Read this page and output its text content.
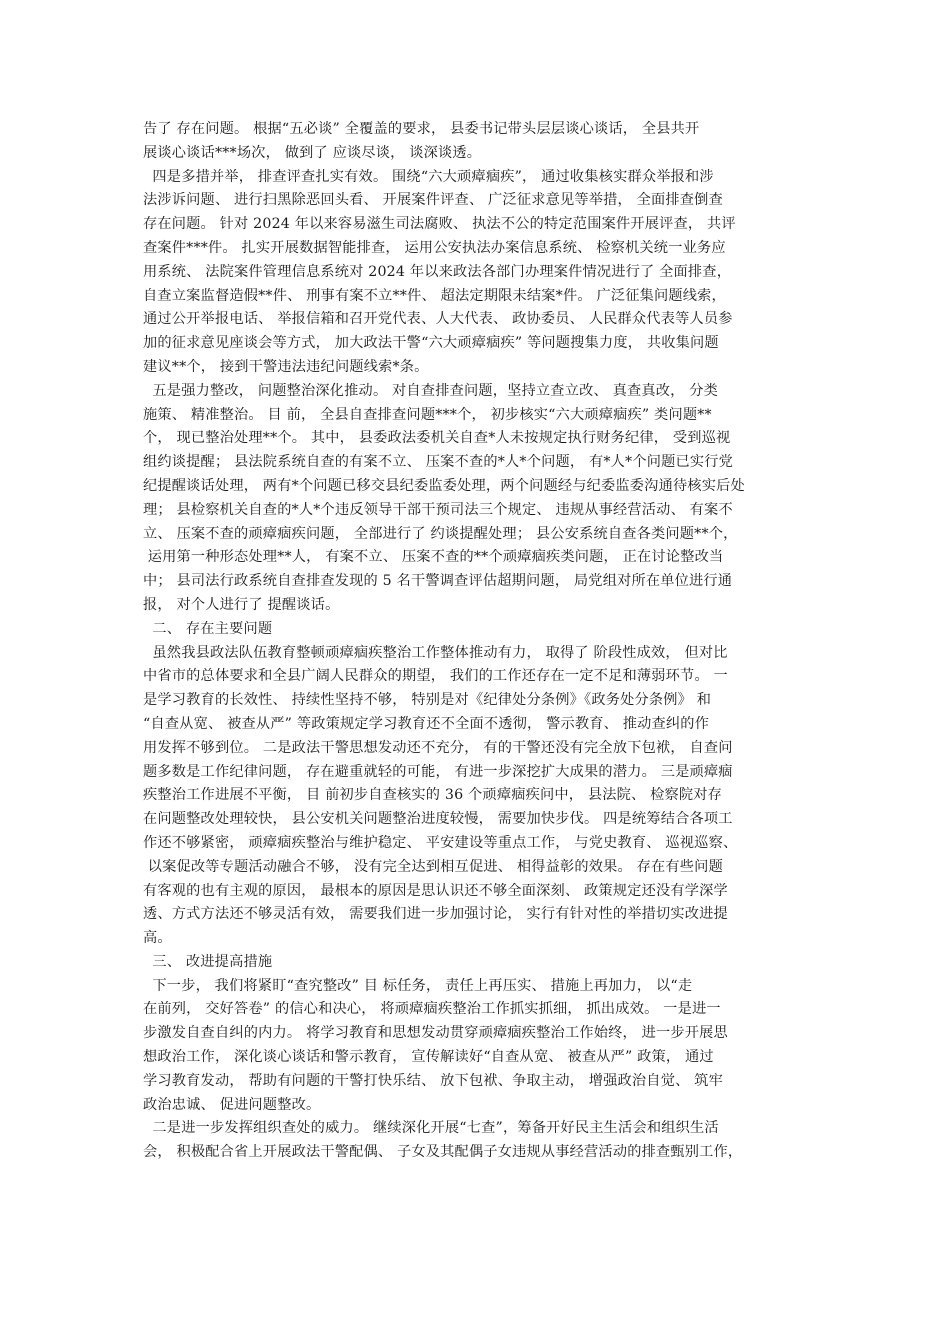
告了 存在问题。 根据“五必谈” 全覆盖的要求， 县委书记带头层层谈心谈话， 全县共开
展谈心谈话***场次， 做到了 应谈尽谈， 谈深谈透。
四是多措并举， 排查评查扎实有效。 围绕“六大顽瘴痼疾”， 通过收集核实群众举报和涉
法涉诉问题、 进行扫黑除恶回头看、 开展案件评查、 广泛征求意见等举措， 全面排查倒查
存在问题。 针对 2024 年以来容易滋生司法腐败、 执法不公的特定范围案件开展评查， 共评
查案件***件。 扎实开展数据智能排查， 运用公安执法办案信息系统、 检察机关统一业务应
用系统、 法院案件管理信息系统对 2024 年以来政法各部门办理案件情况进行了 全面排查，
自查立案监督造假**件、 刑事有案不立**件、 超法定期限未结案*件。 广泛征集问题线索，
通过公开举报电话、 举报信箱和召开党代表、人大代表、 政协委员、 人民群众代表等人员参
加的征求意见座谈会等方式， 加大政法干警“六大顽瘴痼疾” 等问题搜集力度， 共收集问题
建议**个， 接到干警违法违纪问题线索*条。
五是强力整改， 问题整治深化推动。 对自查排查问题，坚持立查立改、 真查真改， 分类
施策、 精准整治。 目 前， 全县自查排查问题***个， 初步核实“六大顽瘴痼疾” 类问题**
个， 现已整治处理**个。 其中， 县委政法委机关自查*人未按规定执行财务纪律， 受到巡视
组约谈提醒； 县法院系统自查的有案不立、 压案不查的*人*个问题， 有*人*个问题已实行党
纪提醒谈话处理， 两有*个问题已移交县纪委监委处理，两个问题经与纪委监委沟通待核实后处
理； 县检察机关自查的*人*个违反领导干部干预司法三个规定、 违规从事经营活动、 有案不
立、 压案不查的顽瘴痼疾问题， 全部进行了 约谈提醒处理； 县公安系统自查各类问题**个，
运用第一种形态处理**人， 有案不立、 压案不查的**个顽瘴痼疾类问题， 正在讨论整改当
中； 县司法行政系统自查排查发现的 5 名干警调查评估超期问题， 局党组对所在单位进行通
报， 对个人进行了 提醒谈话。
二、 存在主要问题
虽然我县政法队伍教育整顿顽瘴痼疾整治工作整体推动有力， 取得了 阶段性成效， 但对比
中省市的总体要求和全县广阔人民群众的期望， 我们的工作还存在一定不足和薄弱环节。 一
是学习教育的长效性、 持续性坚持不够， 特别是对《纪律处分条例》《政务处分条例》 和
“自查从宽、 被查从严” 等政策规定学习教育还不全面不透彻， 警示教育、 推动查纠的作
用发挥不够到位。 二是政法干警思想发动还不充分， 有的干警还没有完全放下包袱， 自查问
题多数是工作纪律问题， 存在避重就轻的可能， 有进一步深挖扩大成果的潜力。 三是顽瘴痼
疾整治工作进展不平衡， 目 前初步自查核实的 36 个顽瘴痼疾问中， 县法院、 检察院对存
在问题整改处理较快， 县公安机关问题整治进度较慢， 需要加快步伐。 四是统筹结合各项工
作还不够紧密， 顽瘴痼疾整治与维护稳定、 平安建设等重点工作， 与党史教育、 巡视巡察、
以案促改等专题活动融合不够， 没有完全达到相互促进、 相得益彰的效果。 存在有些问题
有客观的也有主观的原因， 最根本的原因是思认识还不够全面深刻、 政策规定还没有学深学
透、方式方法还不够灵活有效， 需要我们进一步加强讨论， 实行有针对性的举措切实改进提
高。
三、 改进提高措施
下一步， 我们将紧盯“查究整改” 目 标任务， 责任上再压实、 措施上再加力， 以“走
在前列， 交好答卷” 的信心和决心， 将顽瘴痼疾整治工作抓实抓细， 抓出成效。 一是进一
步激发自查自纠的内力。 将学习教育和思想发动贯穿顽瘴痼疾整治工作始终， 进一步开展思
想政治工作， 深化谈心谈话和警示教育， 宣传解读好“自查从宽、 被查从严” 政策， 通过
学习教育发动， 帮助有问题的干警打快乐结、 放下包袱、争取主动， 增强政治自觉、 筑牢
政治忠诚、 促进问题整改。
二是进一步发挥组织查处的威力。 继续深化开展“七查”，筹备开好民主生活会和组织生活
会， 积极配合省上开展政法干警配偶、 子女及其配偶子女违规从事经营活动的排查甄别工作，
